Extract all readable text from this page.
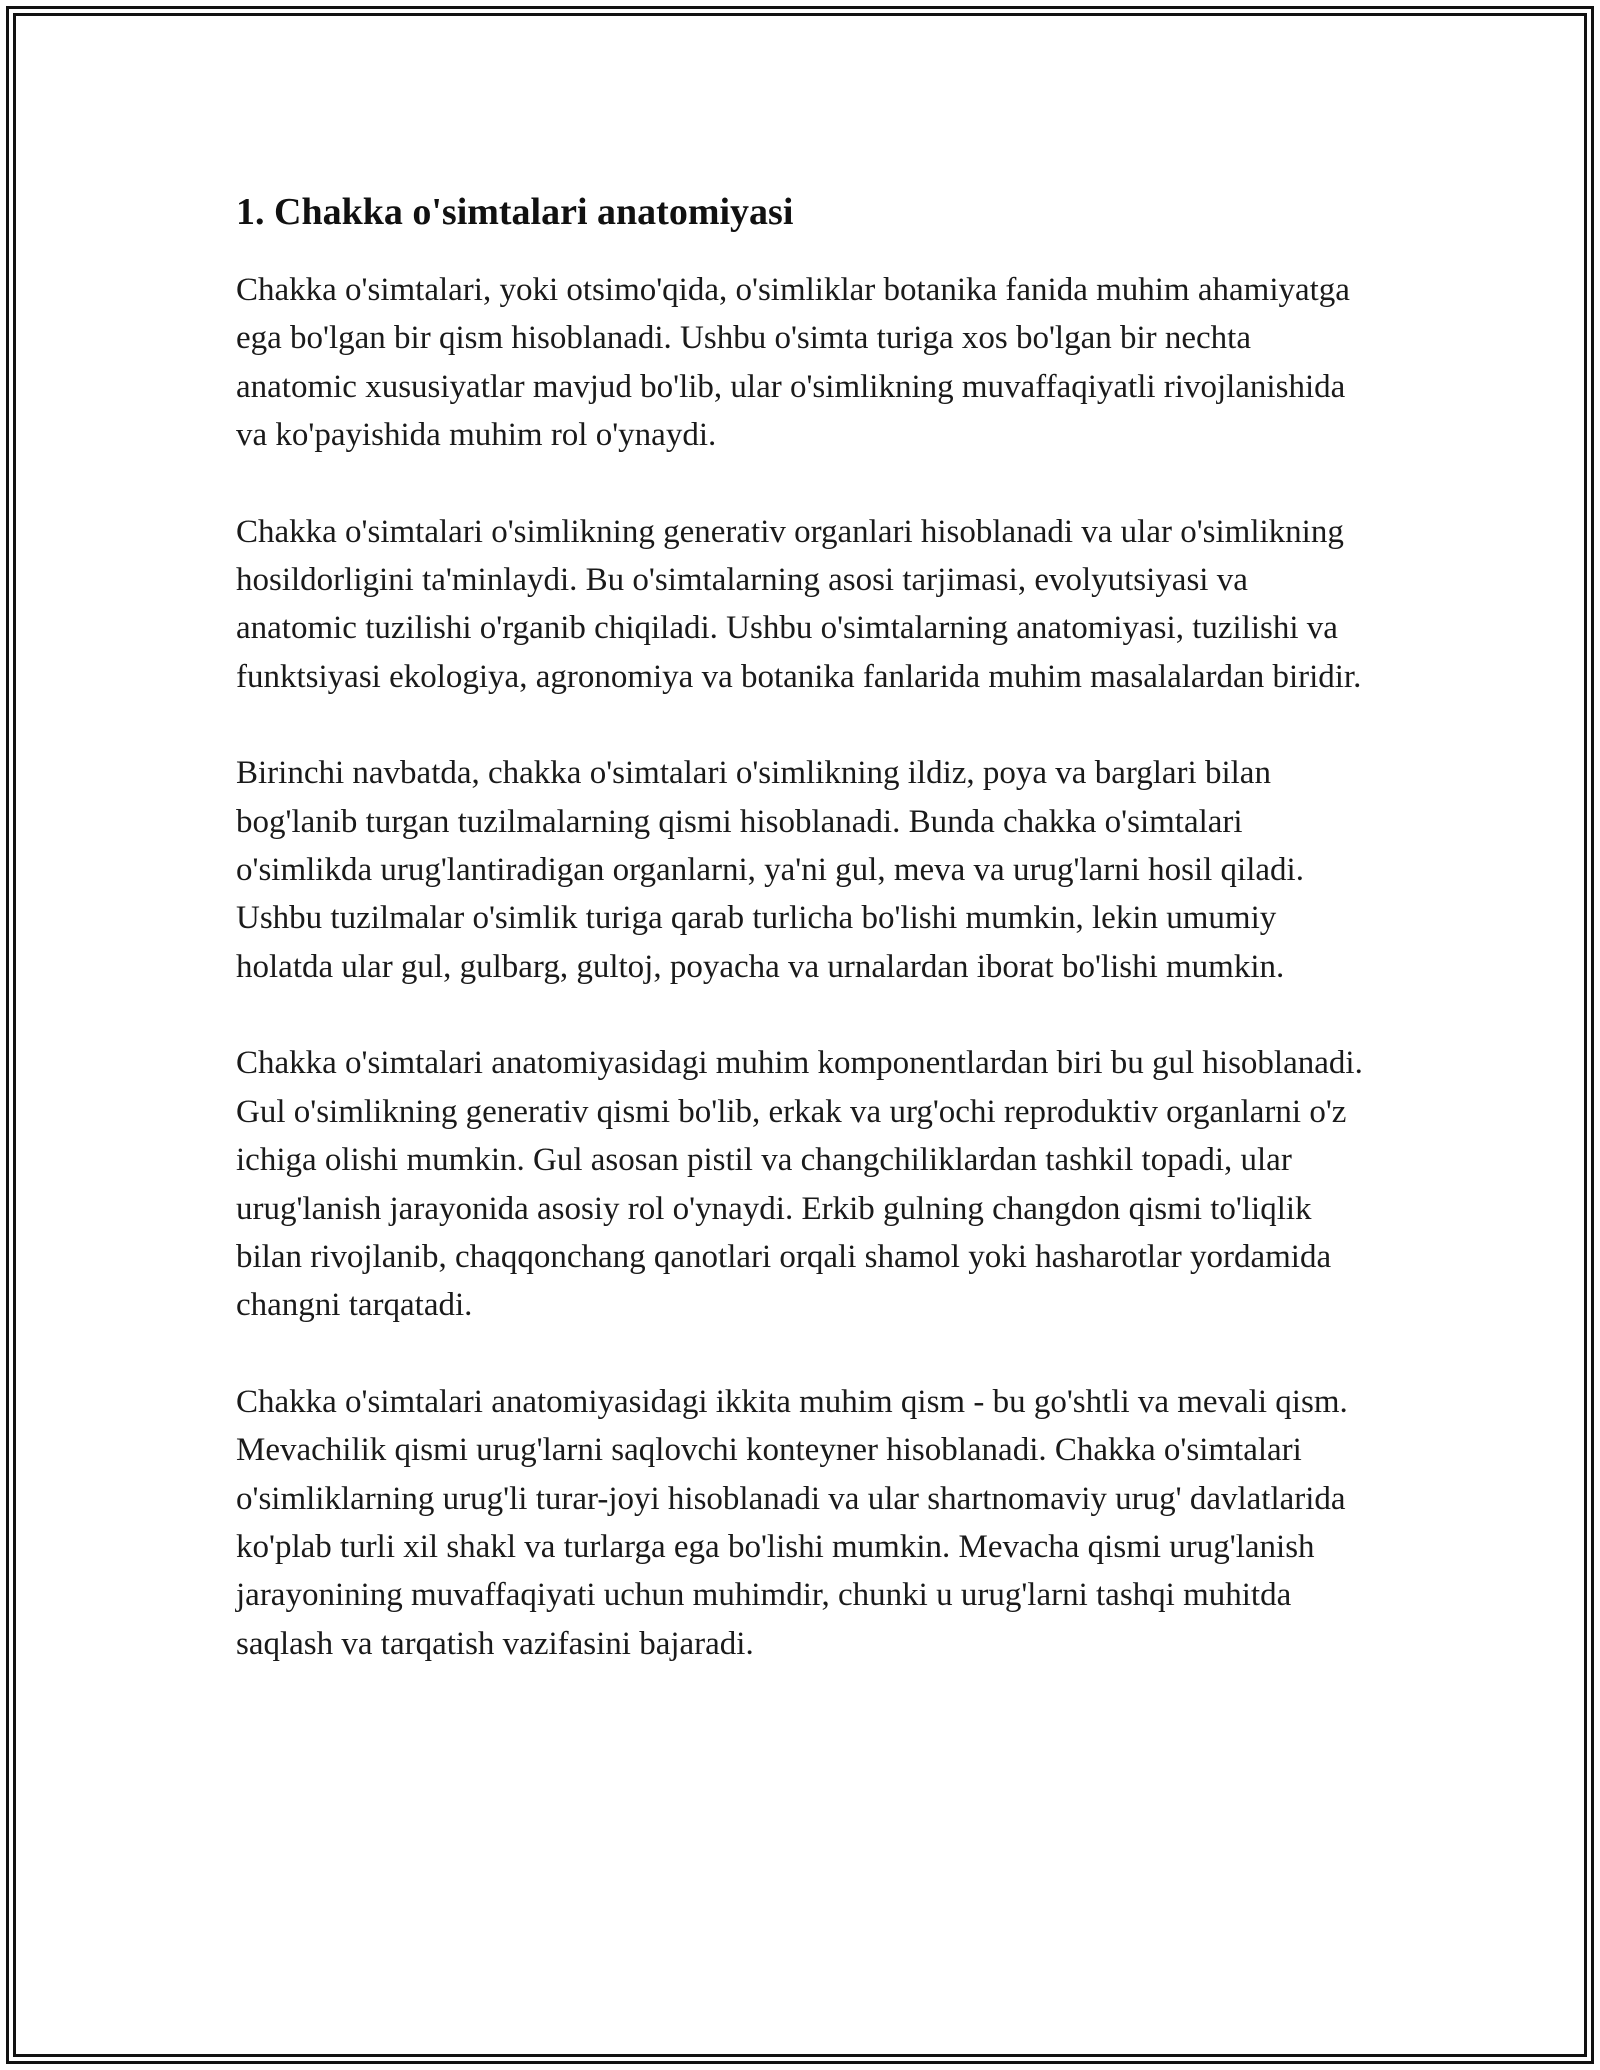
1. Chakka o'simtalari anatomiyasi

Chakka o'simtalari, yoki otsimo'qida, o'simliklar botanika fanida muhim ahamiyatga ega bo'lgan bir qism hisoblanadi. Ushbu o'simta turiga xos bo'lgan bir nechta anatomic xususiyatlar mavjud bo'lib, ular o'simlikning muvaffaqiyatli rivojlanishida va ko'payishida muhim rol o'ynaydi.

Chakka o'simtalari o'simlikning generativ organlari hisoblanadi va ular o'simlikning hosildorligini ta'minlaydi. Bu o'simtalarning asosi tarjimasi, evolyutsiyasi va anatomic tuzilishi o'rganib chiqiladi. Ushbu o'simtalarning anatomiyasi, tuzilishi va funktsiyasi ekologiya, agronomiya va botanika fanlarida muhim masalalardan biridir.

Birinchi navbatda, chakka o'simtalari o'simlikning ildiz, poya va barglari bilan bog'lanib turgan tuzilmalarning qismi hisoblanadi. Bunda chakka o'simtalari o'simlikda urug'lantiradigan organlarni, ya'ni gul, meva va urug'larni hosil qiladi. Ushbu tuzilmalar o'simlik turiga qarab turlicha bo'lishi mumkin, lekin umumiy holatda ular gul, gulbarg, gultoj, poyacha va urnalardan iborat bo'lishi mumkin.

Chakka o'simtalari anatomiyasidagi muhim komponentlardan biri bu gul hisoblanadi. Gul o'simlikning generativ qismi bo'lib, erkak va urg'ochi reproduktiv organlarni o'z ichiga olishi mumkin. Gul asosan pistil va changchiliklardan tashkil topadi, ular urug'lanish jarayonida asosiy rol o'ynaydi. Erkib gulning changdon qismi to'liqlik bilan rivojlanib, chaqqonchang qanotlari orqali shamol yoki hasharotlar yordamida changni tarqatadi.

Chakka o'simtalari anatomiyasidagi ikkita muhim qism - bu go'shtli va mevali qism. Mevachilik qismi urug'larni saqlovchi konteyner hisoblanadi. Chakka o'simtalari o'simliklarning urug'li turar-joyi hisoblanadi va ular shartnomaviy urug' davlatlarida ko'plab turli xil shakl va turlarga ega bo'lishi mumkin. Mevacha qismi urug'lanish jarayonining muvaffaqiyati uchun muhimdir, chunki u urug'larni tashqi muhitda saqlash va tarqatish vazifasini bajaradi.
